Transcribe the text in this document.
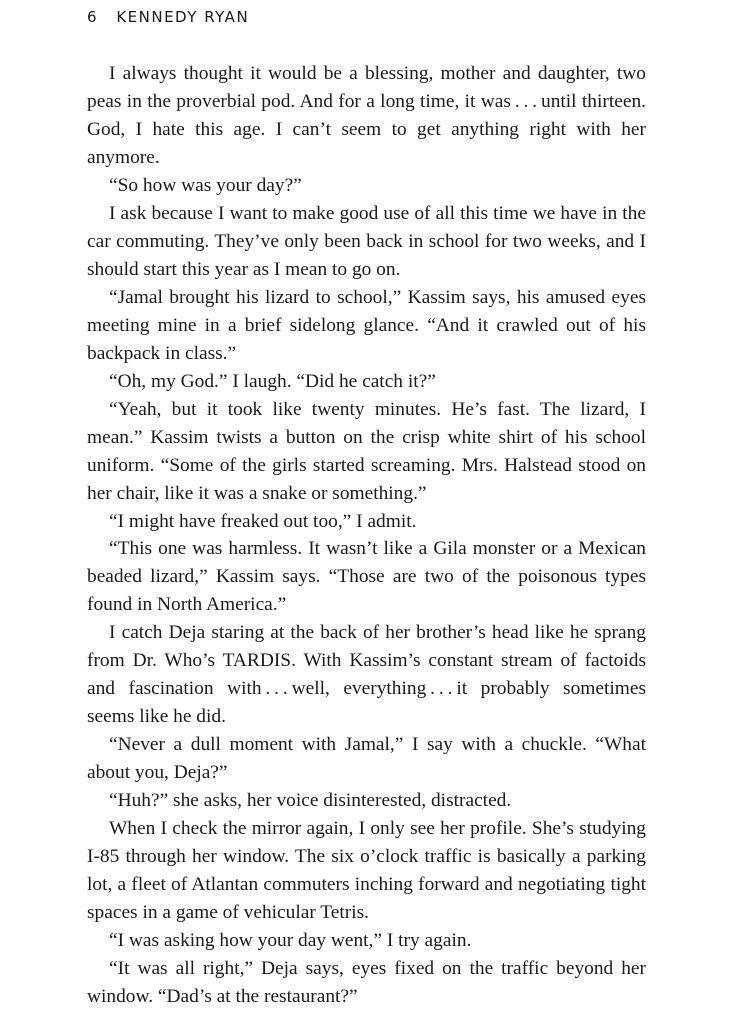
6 KENNEDY RYAN

I always thought it would be a blessing, mother and daughter, two peas in the proverbial pod. And for a long time, it was . . . until thirteen. God, I hate this age. I can’t seem to get anything right with her anymore.

“So how was your day?”

I ask because I want to make good use of all this time we have in the car commuting. They’ve only been back in school for two weeks, and I should start this year as I mean to go on.

“Jamal brought his lizard to school,” Kassim says, his amused eyes meeting mine in a brief sidelong glance. “And it crawled out of his backpack in class.”

“Oh, my God.” I laugh. “Did he catch it?”

“Yeah, but it took like twenty minutes. He’s fast. The lizard, I mean.” Kassim twists a button on the crisp white shirt of his school uniform. “Some of the girls started screaming. Mrs. Halstead stood on her chair, like it was a snake or something.”

“I might have freaked out too,” I admit.

“This one was harmless. It wasn’t like a Gila monster or a Mexican beaded lizard,” Kassim says. “Those are two of the poisonous types found in North America.”

I catch Deja staring at the back of her brother’s head like he sprang from Dr. Who’s TARDIS. With Kassim’s constant stream of factoids and fascination with . . . well, everything . . . it probably sometimes seems like he did.

“Never a dull moment with Jamal,” I say with a chuckle. “What about you, Deja?”

“Huh?” she asks, her voice disinterested, distracted.

When I check the mirror again, I only see her profile. She’s studying I-85 through her window. The six o’clock traffic is basically a parking lot, a fleet of Atlantan commuters inching forward and negotiating tight spaces in a game of vehicular Tetris.

“I was asking how your day went,” I try again.

“It was all right,” Deja says, eyes fixed on the traffic beyond her window. “Dad’s at the restaurant?”
